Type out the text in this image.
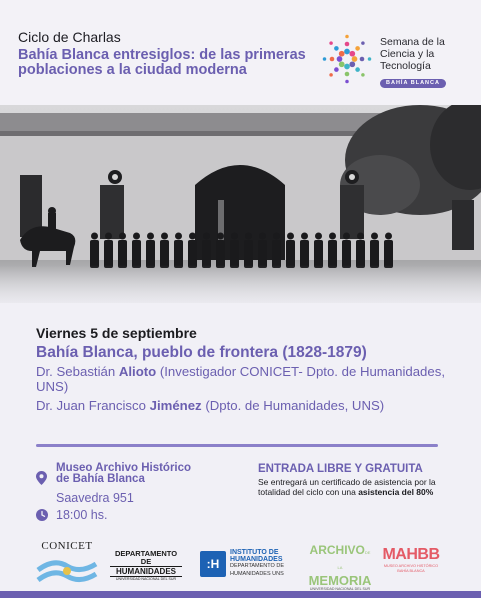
Ciclo de Charlas
Bahía Blanca entresiglos: de las primeras poblaciones a la ciudad moderna
Semana de la
Ciencia y la
Tecnología
BAHÍA BLANCA
Viernes 5 de septiembre
Bahía Blanca, pueblo de frontera (1828-1879)
Dr. Sebastián Alioto (Investigador CONICET- Dpto. de Humanidades, UNS)
Dr. Juan Francisco Jiménez (Dpto. de Humanidades, UNS)
Museo Archivo Histórico
de Bahía Blanca
Saavedra 951
18:00 hs.
ENTRADA LIBRE Y GRATUITA
Se entregará un certificado de asistencia por la totalidad del ciclo con una asistencia del 80%
CONICET
DEPARTAMENTO DE
HUMANIDADES
UNIVERSIDAD NACIONAL DEL SUR
:H
INSTITUTO DE
HUMANIDADES
DEPARTAMENTO DE
HUMANIDADES UNS
ARCHIVODE LA
MEMORIA
UNIVERSIDAD NACIONAL DEL SUR
MAHBB
MUSEO ARCHIVO HISTÓRICO
BAHÍA BLANCA
